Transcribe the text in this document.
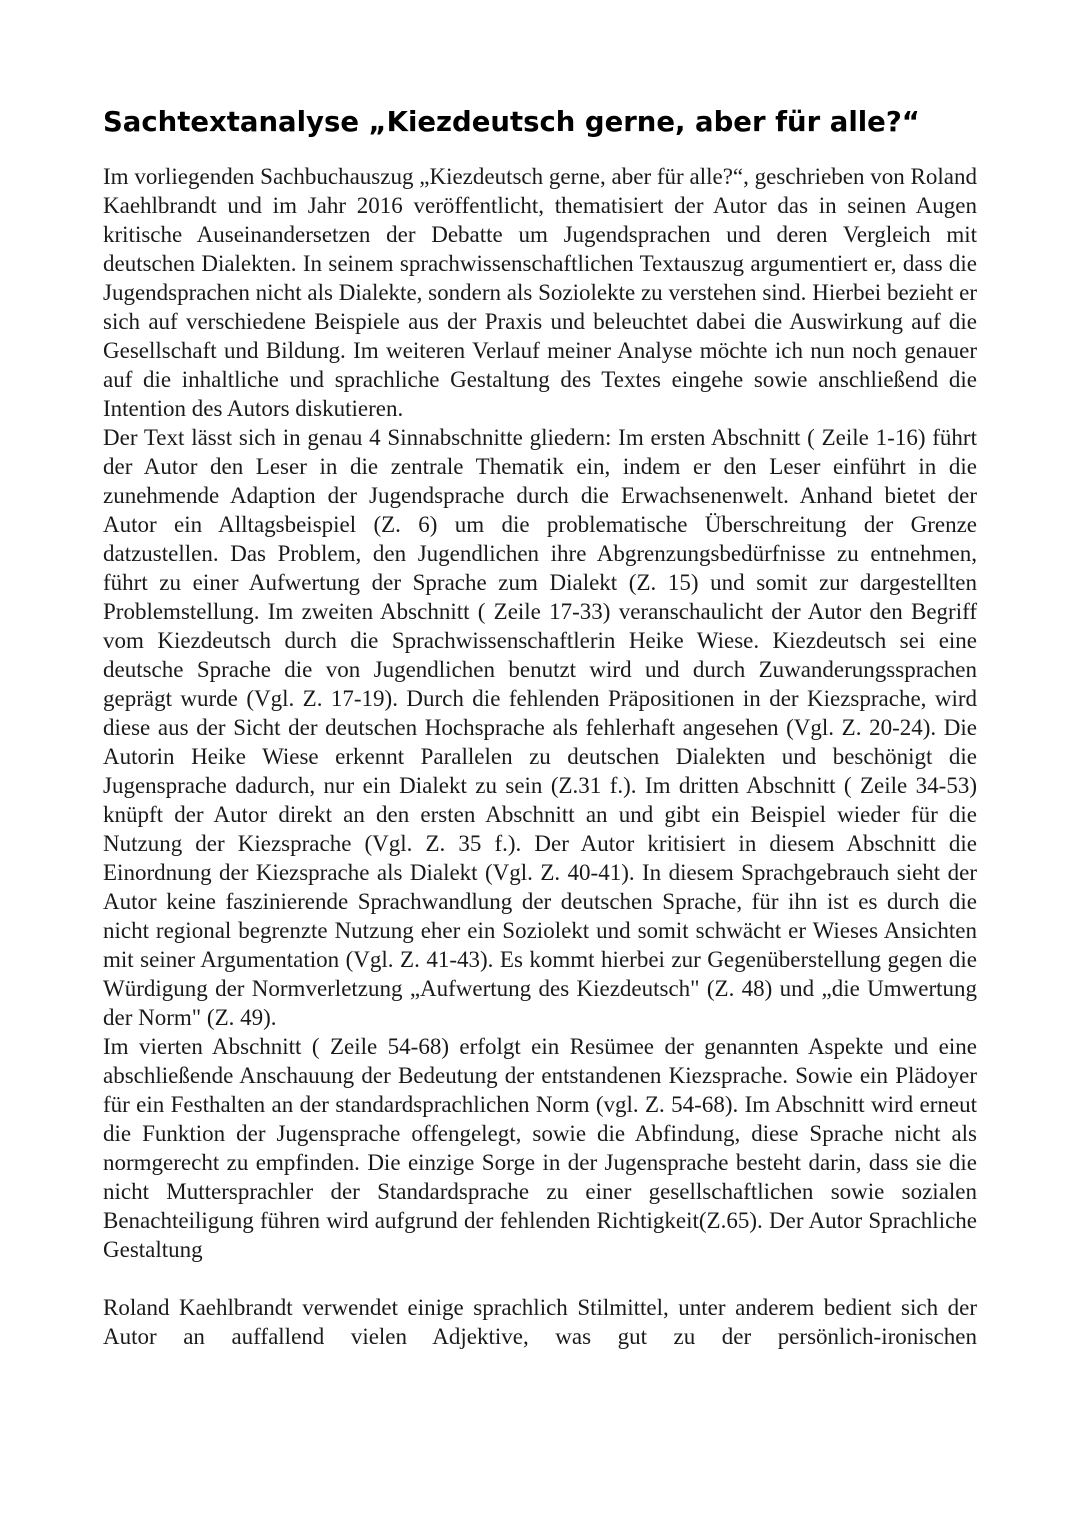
Sachtextanalyse „Kiezdeutsch gerne, aber für alle?“

Im vorliegenden Sachbuchauszug „Kiezdeutsch gerne, aber für alle?“, geschrieben von Roland Kaehlbrandt und im Jahr 2016 veröffentlicht, thematisiert der Autor das in seinen Augen kritische Auseinandersetzen der Debatte um Jugendsprachen und deren Vergleich mit deutschen Dialekten. In seinem sprachwissenschaftlichen Textauszug argumentiert er, dass die Jugendsprachen nicht als Dialekte, sondern als Soziolekte zu verstehen sind. Hierbei bezieht er sich auf verschiedene Beispiele aus der Praxis und beleuchtet dabei die Auswirkung auf die Gesellschaft und Bildung. Im weiteren Verlauf meiner Analyse möchte ich nun noch genauer auf die inhaltliche und sprachliche Gestaltung des Textes eingehe sowie anschließend die Intention des Autors diskutieren.

Der Text lässt sich in genau 4 Sinnabschnitte gliedern: Im ersten Abschnitt ( Zeile 1-16) führt der Autor den Leser in die zentrale Thematik ein, indem er den Leser einführt in die zunehmende Adaption der Jugendsprache durch die Erwachsenenwelt. Anhand bietet der Autor ein Alltagsbeispiel (Z. 6) um die problematische Überschreitung der Grenze datzustellen. Das Problem, den Jugendlichen ihre Abgrenzungsbedürfnisse zu entnehmen, führt zu einer Aufwertung der Sprache zum Dialekt (Z. 15) und somit zur dargestellten Problemstellung. Im zweiten Abschnitt ( Zeile 17-33) veranschaulicht der Autor den Begriff vom Kiezdeutsch durch die Sprachwissenschaftlerin Heike Wiese. Kiezdeutsch sei eine deutsche Sprache die von Jugendlichen benutzt wird und durch Zuwanderungssprachen geprägt wurde (Vgl. Z. 17-19). Durch die fehlenden Präpositionen in der Kiezsprache, wird diese aus der Sicht der deutschen Hochsprache als fehlerhaft angesehen (Vgl. Z. 20-24). Die Autorin Heike Wiese erkennt Parallelen zu deutschen Dialekten und beschönigt die Jugensprache dadurch, nur ein Dialekt zu sein (Z.31 f.). Im dritten Abschnitt ( Zeile 34-53) knüpft der Autor direkt an den ersten Abschnitt an und gibt ein Beispiel wieder für die Nutzung der Kiezsprache (Vgl. Z. 35 f.). Der Autor kritisiert in diesem Abschnitt die Einordnung der Kiezsprache als Dialekt (Vgl. Z. 40-41). In diesem Sprachgebrauch sieht der Autor keine faszinierende Sprachwandlung der deutschen Sprache, für ihn ist es durch die nicht regional begrenzte Nutzung eher ein Soziolekt und somit schwächt er Wieses Ansichten mit seiner Argumentation (Vgl. Z. 41-43). Es kommt hierbei zur Gegenüberstellung gegen die Würdigung der Normverletzung „Aufwertung des Kiezdeutsch" (Z. 48) und „die Umwertung der Norm" (Z. 49).

Im vierten Abschnitt ( Zeile 54-68) erfolgt ein Resümee der genannten Aspekte und eine abschließende Anschauung der Bedeutung der entstandenen Kiezsprache. Sowie ein Plädoyer für ein Festhalten an der standardsprachlichen Norm (vgl. Z. 54-68). Im Abschnitt wird erneut die Funktion der Jugensprache offengelegt, sowie die Abfindung, diese Sprache nicht als normgerecht zu empfinden. Die einzige Sorge in der Jugensprache besteht darin, dass sie die nicht Muttersprachler der Standardsprache zu einer gesellschaftlichen sowie sozialen Benachteiligung führen wird aufgrund der fehlenden Richtigkeit(Z.65). Der Autor Sprachliche Gestaltung

Roland Kaehlbrandt verwendet einige sprachlich Stilmittel, unter anderem bedient sich der Autor an auffallend vielen Adjektive, was gut zu der persönlich-ironischen
